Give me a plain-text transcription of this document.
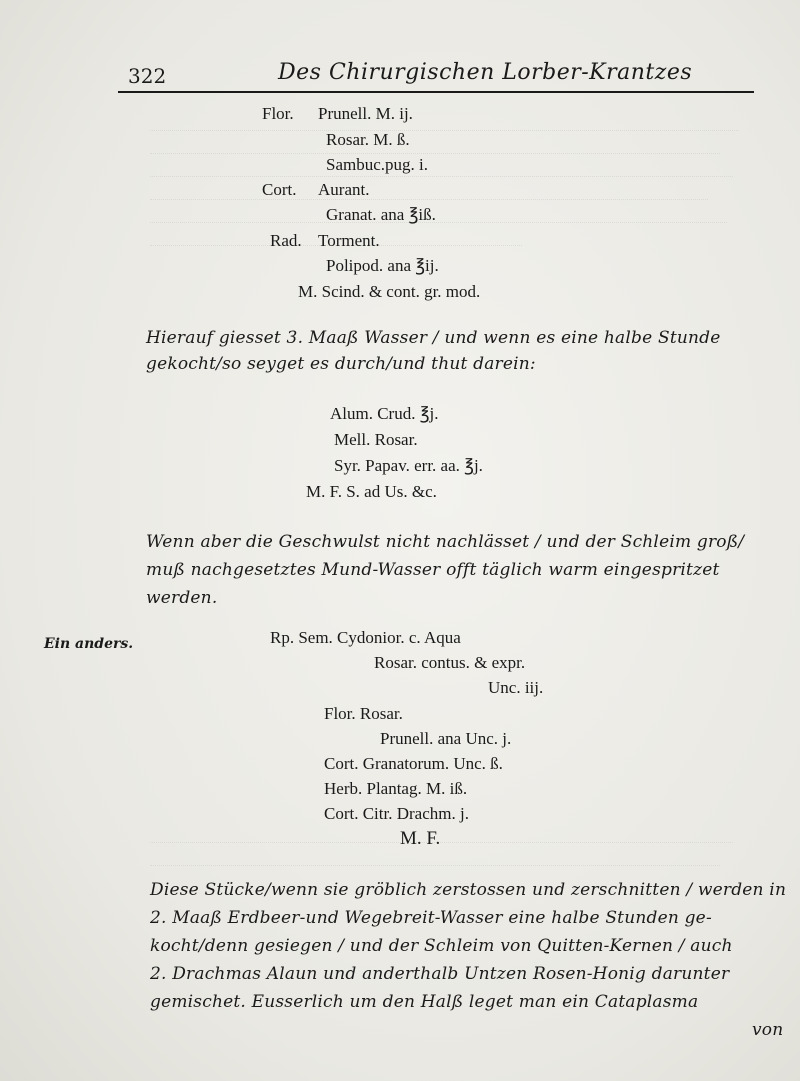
322	Des Chirurgischen Lorber-Krantzes
Flor. Prunell. M. ij.
Rosar. M. ß.
Sambuc.pug. i.
Cort. Aurant.
Granat. ana ℥iß.
Rad. Torment.
Polipod. ana ℥ij.
M. Scind. & cont. gr. mod.
Hierauf giesset 3. Maaß Wasser / und wenn es eine halbe Stunde
gekocht/so seyget es durch/und thut darein:
Alum. Crud. ℥j.
Mell. Rosar.
Syr. Papav. err. aa. ℥j.
M. F. S. ad Us. &c.
Wenn aber die Geschwulst nicht nachlässet / und der Schleim groß/
muß nachgesetztes Mund-Wasser offt täglich warm eingespritzet
werden.
Ein anders.	Rp. Sem. Cydonior. c. Aqua
Rosar. contus. & expr.
Unc. iij.
Flor. Rosar.
Prunell. ana Unc. j.
Cort. Granatorum. Unc. ß.
Herb. Plantag. M. iß.
Cort. Citr. Drachm. j.
M. F.
Diese Stücke/wenn sie gröblich zerstossen und zerschnitten / werden in
2. Maaß Erdbeer-und Wegebreit-Wasser eine halbe Stunden ge-
kocht/denn gesiegen / und der Schleim von Quitten-Kernen / auch
2. Drachmas Alaun und anderthalb Untzen Rosen-Honig darunter
gemischet. Eusserlich um den Halß leget man ein Cataplasma
von
